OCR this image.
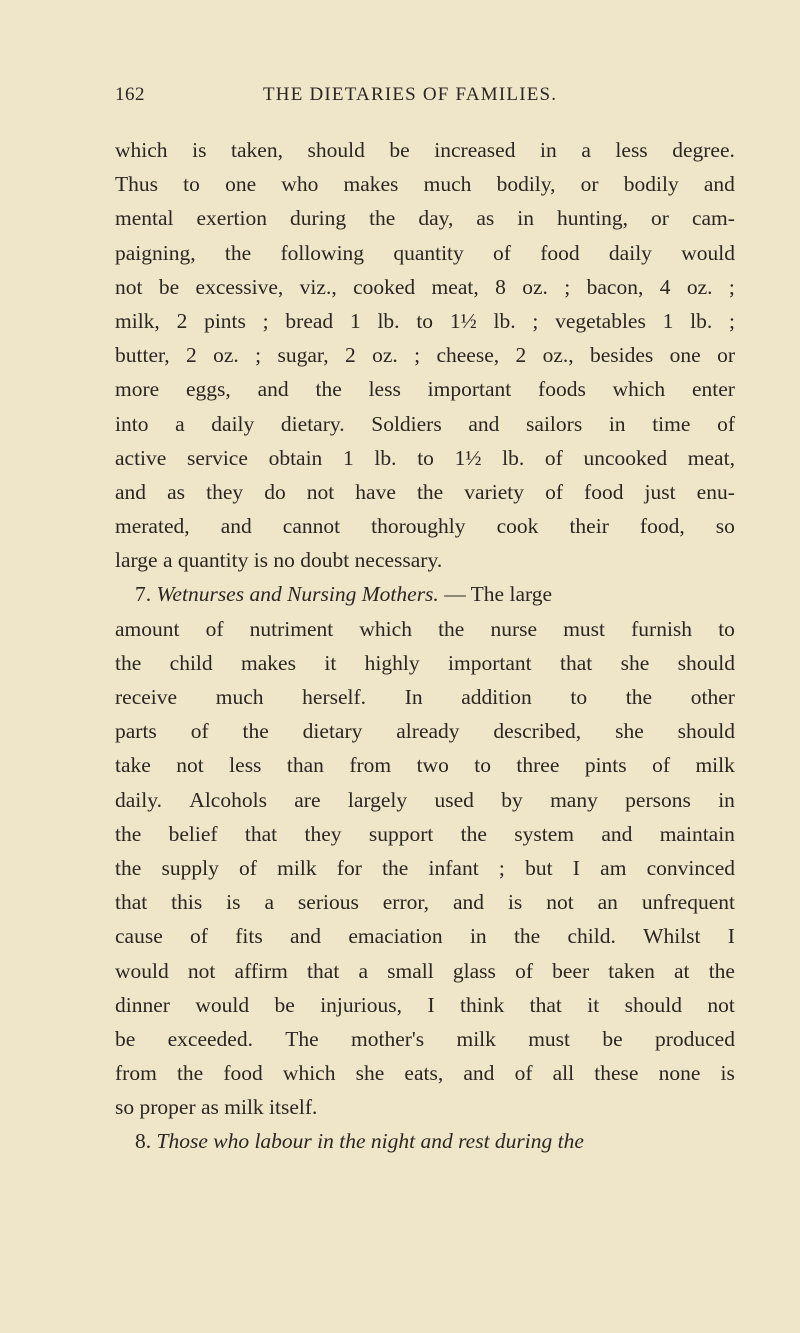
162	THE DIETARIES OF FAMILIES.
which is taken, should be increased in a less degree.
Thus to one who makes much bodily, or bodily and
mental exertion during the day, as in hunting, or cam-
paigning, the following quantity of food daily would
not be excessive, viz., cooked meat, 8 oz. ; bacon, 4 oz. ;
milk, 2 pints ; bread 1 lb. to 1½ lb. ; vegetables 1 lb. ;
butter, 2 oz. ; sugar, 2 oz. ; cheese, 2 oz., besides one or
more eggs, and the less important foods which enter
into a daily dietary. Soldiers and sailors in time of
active service obtain 1 lb. to 1½ lb. of uncooked meat,
and as they do not have the variety of food just enu-
merated, and cannot thoroughly cook their food, so
large a quantity is no doubt necessary.
7. Wetnurses and Nursing Mothers. — The large
amount of nutriment which the nurse must furnish to
the child makes it highly important that she should
receive much herself. In addition to the other
parts of the dietary already described, she should
take not less than from two to three pints of milk
daily. Alcohols are largely used by many persons in
the belief that they support the system and maintain
the supply of milk for the infant ; but I am convinced
that this is a serious error, and is not an unfrequent
cause of fits and emaciation in the child. Whilst I
would not affirm that a small glass of beer taken at the
dinner would be injurious, I think that it should not
be exceeded. The mother's milk must be produced
from the food which she eats, and of all these none is
so proper as milk itself.
8. Those who labour in the night and rest during the
